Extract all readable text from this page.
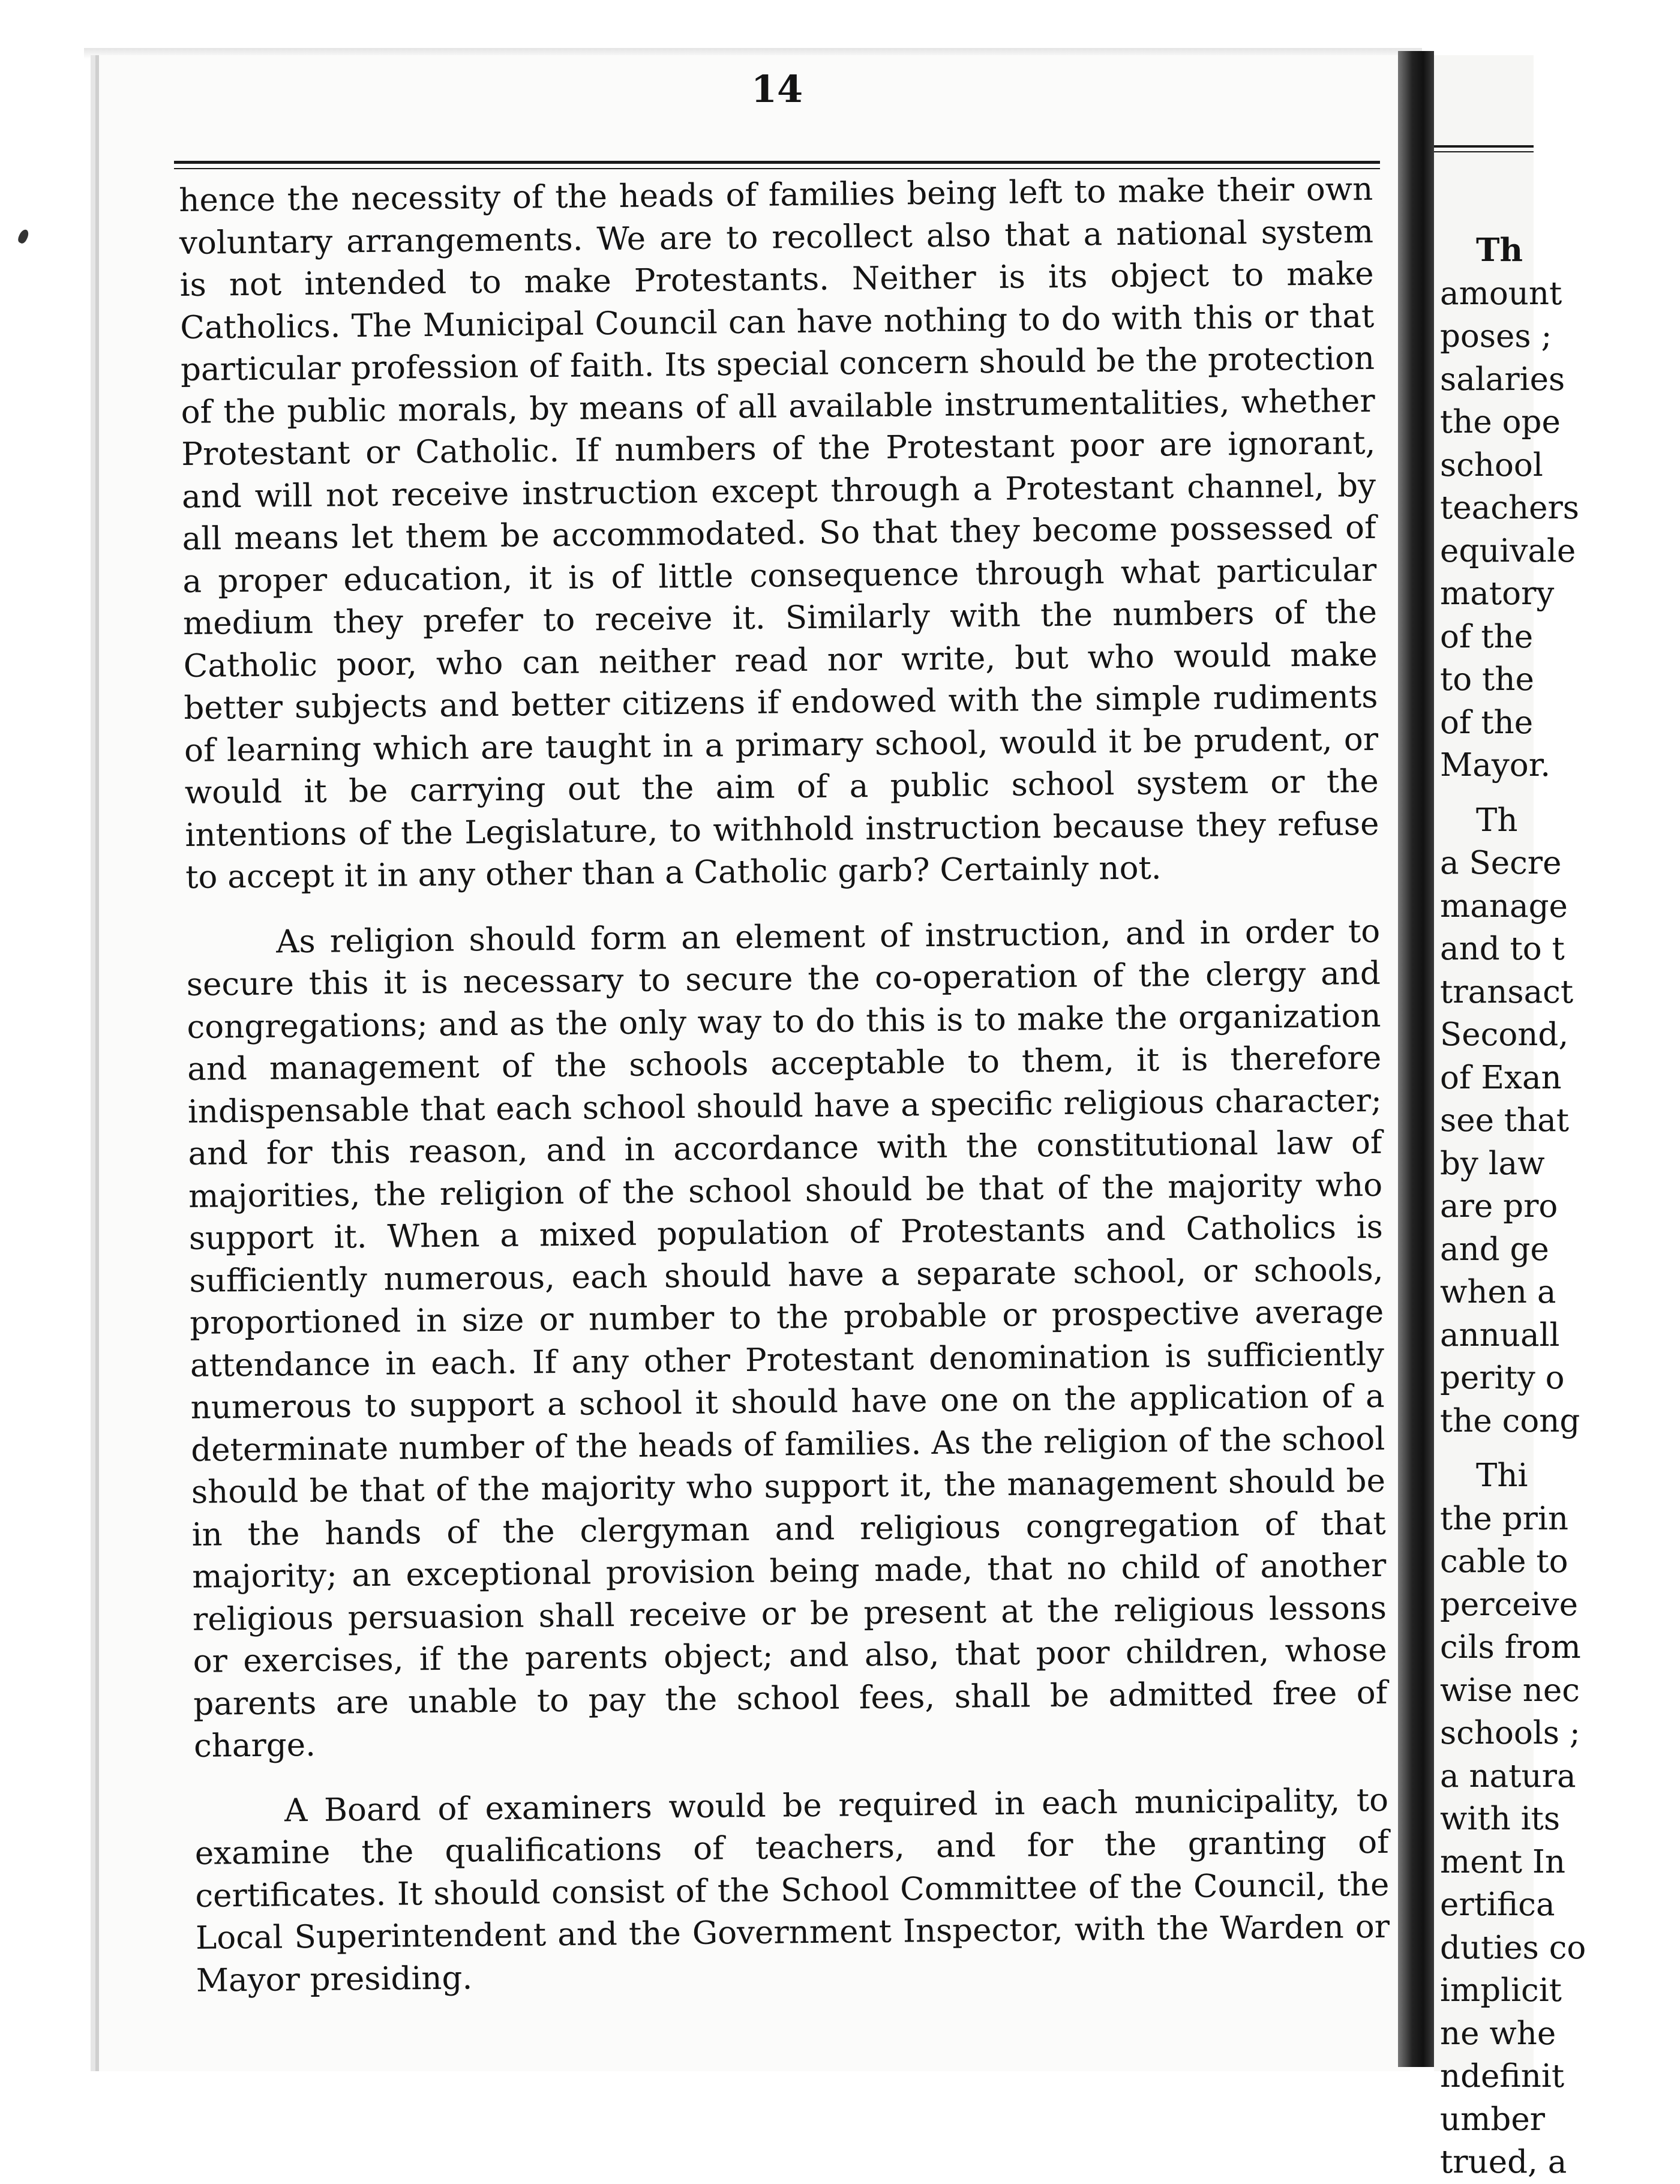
14

hence the necessity of the heads of families being left to make their own voluntary arrangements. We are to recollect also that a national system is not intended to make Protestants. Neither is its object to make Catholics. The Municipal Council can have nothing to do with this or that particular profession of faith. Its special concern should be the protection of the public morals, by means of all available instrumentalities, whether Protestant or Catholic. If numbers of the Protestant poor are ignorant, and will not receive instruction except through a Protestant channel, by all means let them be accommodated. So that they become possessed of a proper education, it is of little consequence through what particular medium they prefer to receive it. Similarly with the numbers of the Catholic poor, who can neither read nor write, but who would make better subjects and better citizens if endowed with the simple rudiments of learning which are taught in a primary school, would it be prudent, or would it be carrying out the aim of a public school system or the intentions of the Legislature, to withhold instruction because they refuse to accept it in any other than a Catholic garb? Certainly not.

As religion should form an element of instruction, and in order to secure this it is necessary to secure the co-operation of the clergy and congregations; and as the only way to do this is to make the organization and management of the schools acceptable to them, it is therefore indispensable that each school should have a specific religious character; and for this reason, and in accordance with the constitutional law of majorities, the religion of the school should be that of the majority who support it. When a mixed population of Protestants and Catholics is sufficiently numerous, each should have a separate school, or schools, proportioned in size or number to the probable or prospective average attendance in each. If any other Protestant denomination is sufficiently numerous to support a school it should have one on the application of a determinate number of the heads of families. As the religion of the school should be that of the majority who support it, the management should be in the hands of the clergyman and religious congregation of that majority; an exceptional provision being made, that no child of another religious persuasion shall receive or be present at the religious lessons or exercises, if the parents object; and also, that poor children, whose parents are unable to pay the school fees, shall be admitted free of charge.

A Board of examiners would be required in each municipality, to examine the qualifications of teachers, and for the granting of certificates. It should consist of the School Committee of the Council, the Local Superintendent and the Government Inspector, with the Warden or Mayor presiding.

Th
amount
poses ;
salaries
the ope
school
teachers
equivale
matory
of the
to the
of the
Mayor.
Th
a Secre
manage
and to t
transact
Second,
of Exan
see that
by law
are pro
and ge
when a
annuall
perity o
the cong
Thi
the prin
cable to
perceive
cils from
wise nec
schools ;
a natura
with its
ment In
ertifica
duties co
implicit
ne whe
ndefinit
umber
trued, a
